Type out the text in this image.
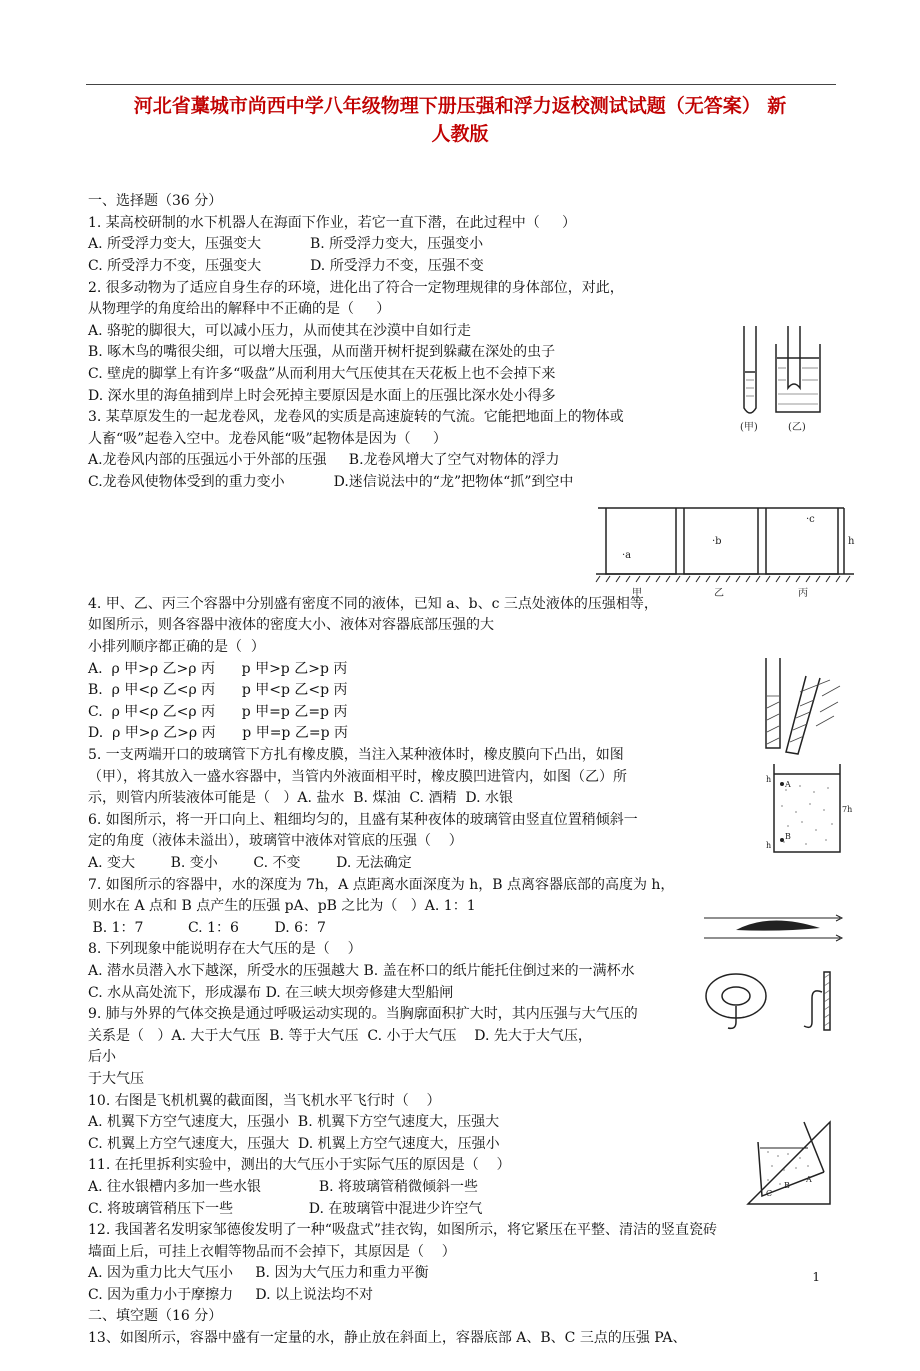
河北省藁城市尚西中学八年级物理下册压强和浮力返校测试试题（无答案） 新
人教版

一、选择题（36 分）
1. 某高校研制的水下机器人在海面下作业，若它一直下潜，在此过程中（     ）
A. 所受浮力变大，压强变大           B. 所受浮力变大，压强变小
C. 所受浮力不变，压强变大           D. 所受浮力不变，压强不变
2. 很多动物为了适应自身生存的环境，进化出了符合一定物理规律的身体部位，对此，
从物理学的角度给出的解释中不正确的是（     ）
A. 骆驼的脚很大，可以减小压力，从而使其在沙漠中自如行走
B. 啄木鸟的嘴很尖细，可以增大压强，从而凿开树杆捉到躲藏在深处的虫子
C. 壁虎的脚掌上有许多“吸盘”从而利用大气压使其在天花板上也不会掉下来
D. 深水里的海鱼捕到岸上时会死掉主要原因是水面上的压强比深水处小得多
3. 某草原发生的一起龙卷风，龙卷风的实质是高速旋转的气流。它能把地面上的物体或
人畜“吸”起卷入空中。龙卷风能“吸”起物体是因为（     ）
A.龙卷风内部的压强远小于外部的压强     B.龙卷风增大了空气对物体的浮力
C.龙卷风使物体受到的重力变小           D.迷信说法中的“龙”把物体“抓”到空中

4. 甲、乙、丙三个容器中分别盛有密度不同的液体，已知 a、b、c 三点处液体的压强相等，
如图所示，则各容器中液体的密度大小、液体对容器底部压强的大
小排列顺序都正确的是（  ）
A.  ρ 甲>ρ 乙>ρ 丙      p 甲>p 乙>p 丙
B.  ρ 甲<ρ 乙<ρ 丙      p 甲<p 乙<p 丙
C.  ρ 甲<ρ 乙<ρ 丙      p 甲=p 乙=p 丙
D.  ρ 甲>ρ 乙>ρ 丙      p 甲=p 乙=p 丙
5. 一支两端开口的玻璃管下方扎有橡皮膜，当注入某种液体时，橡皮膜向下凸出，如图
（甲），将其放入一盛水容器中，当管内外液面相平时，橡皮膜凹进管内，如图（乙）所
示，则管内所装液体可能是（   ）A. 盐水  B. 煤油  C. 酒精  D. 水银
6. 如图所示，将一开口向上、粗细均匀的，且盛有某种夜体的玻璃管由竖直位置稍倾斜一
定的角度（液体未溢出），玻璃管中液体对管底的压强（    ）
A. 变大        B. 变小        C. 不变        D. 无法确定
7. 如图所示的容器中，水的深度为 7h，A 点距离水面深度为 h，B 点离容器底部的高度为 h，
则水在 A 点和 B 点产生的压强 pA、pB 之比为（   ）A. 1：1
B. 1：7          C. 1：6        D. 6：7
8. 下列现象中能说明存在大气压的是（    ）
A. 潜水员潜入水下越深，所受水的压强越大 B. 盖在杯口的纸片能托住倒过来的一满杯水
C. 水从高处流下，形成瀑布 D. 在三峡大坝旁修建大型船闸
9. 肺与外界的气体交换是通过呼吸运动实现的。当胸廓面积扩大时，其内压强与大气压的
关系是（   ）A. 大于大气压  B. 等于大气压  C. 小于大气压    D. 先大于大气压，
后小
于大气压
10. 右图是飞机机翼的截面图，当飞机水平飞行时（    ）
A. 机翼下方空气速度大，压强小  B. 机翼下方空气速度大，压强大
C. 机翼上方空气速度大，压强大  D. 机翼上方空气速度大，压强小
11. 在托里拆利实验中，测出的大气压小于实际气压的原因是（    ）
A. 往水银槽内多加一些水银             B. 将玻璃管稍微倾斜一些
C. 将玻璃管稍压下一些                 D. 在玻璃管中混进少许空气
12. 我国著名发明家邹德俊发明了一种“吸盘式”挂衣钩，如图所示，将它紧压在平整、清洁的竖直瓷砖
墙面上后，可挂上衣帽等物品而不会掉下，其原因是（    ）
A. 因为重力比大气压小     B. 因为大气压力和重力平衡
C. 因为重力小于摩擦力     D. 以上说法均不对
二、填空题（16 分）
13、如图所示，容器中盛有一定量的水，静止放在斜面上，容器底部 A、B、C 三点的压强 PA、

(甲)	(乙)
·a
·b
·c
h
甲	乙	丙
A
B
h
h
7h
A
B
C
1
